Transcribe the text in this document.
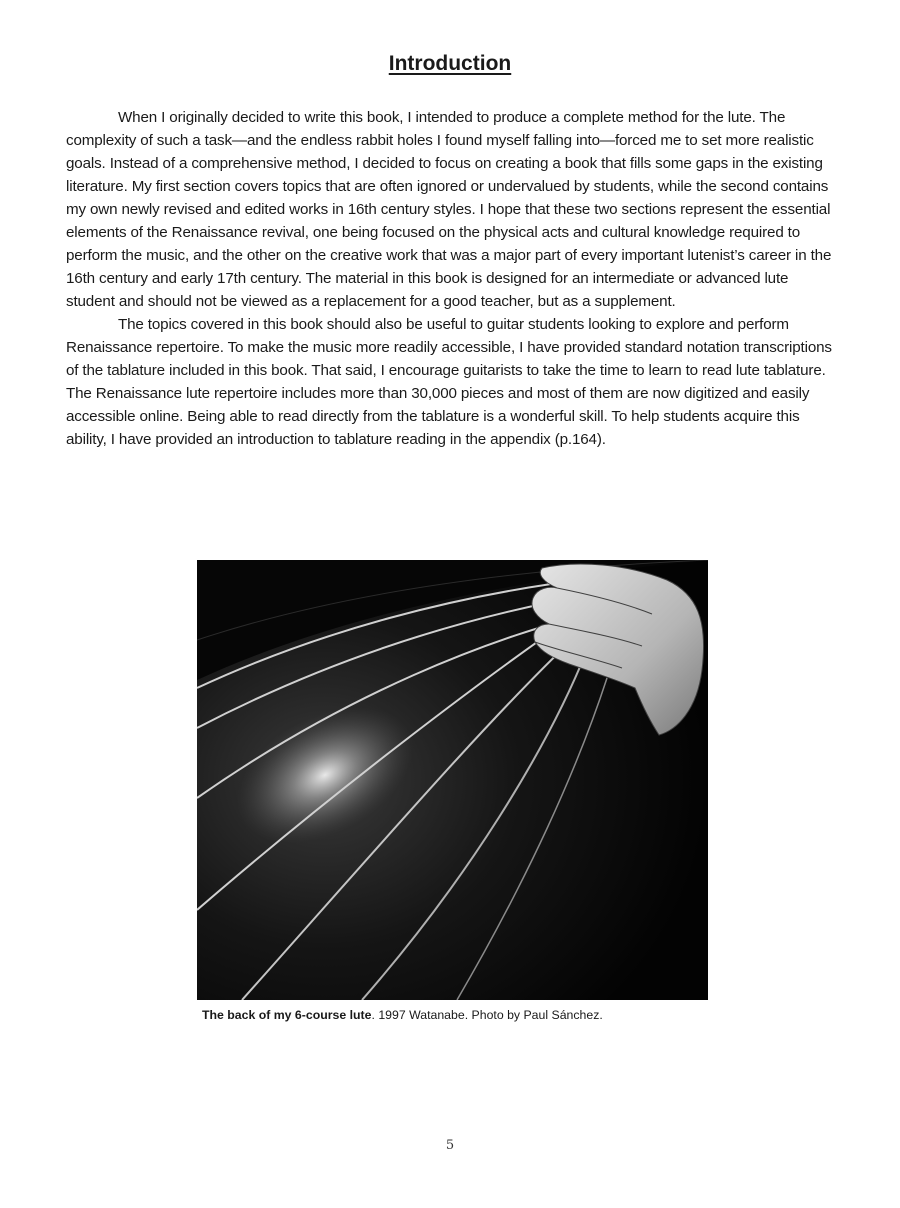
Introduction

When I originally decided to write this book, I intended to produce a complete method for the lute. The complexity of such a task—and the endless rabbit holes I found myself falling into—forced me to set more realistic goals. Instead of a comprehensive method, I decided to focus on creating a book that fills some gaps in the existing literature. My first section covers topics that are often ignored or undervalued by students, while the second contains my own newly revised and edited works in 16th century styles. I hope that these two sections represent the essential elements of the Renaissance revival, one being focused on the physical acts and cultural knowledge required to perform the music, and the other on the creative work that was a major part of every important lutenist’s career in the 16th century and early 17th century. The material in this book is designed for an intermediate or advanced lute student and should not be viewed as a replacement for a good teacher, but as a supplement.

The topics covered in this book should also be useful to guitar students looking to explore and perform Renaissance repertoire. To make the music more readily accessible, I have provided standard notation transcriptions of the tablature included in this book. That said, I encourage guitarists to take the time to learn to read lute tablature. The Renaissance lute repertoire includes more than 30,000 pieces and most of them are now digitized and easily accessible online. Being able to read directly from the tablature is a wonderful skill. To help students acquire this ability, I have provided an introduction to tablature reading in the appendix (p.164).

The back of my 6-course lute. 1997 Watanabe. Photo by Paul Sánchez.
5
